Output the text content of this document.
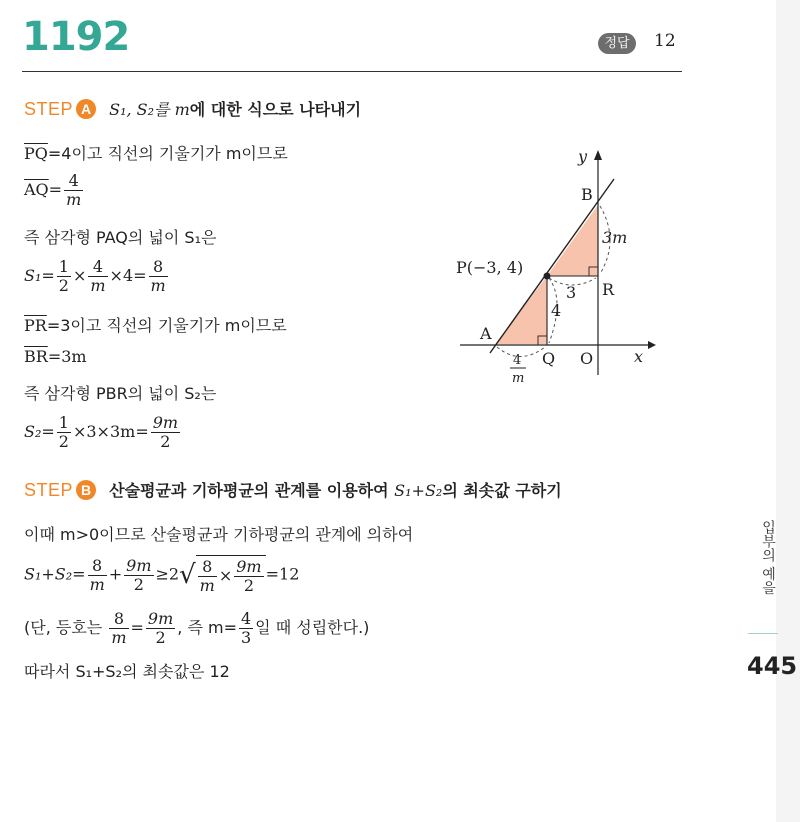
1192	정답	12
STEP A S₁, S₂를 m에 대한 식으로 나타내기
$\overline{PQ}=4$이고 직선의 기울기가 m이므로
$\overline{AQ}= \frac{4}{m}$
즉 삼각형 PAQ의 넓이 S₁은
$S_1= \frac{1}{2} \times \frac{4}{m} \times 4= \frac{8}{m}$
$\overline{PR}=3$이고 직선의 기울기가 m이므로
$\overline{BR}=3m$
즉 삼각형 PBR의 넓이 S₂는
$S_2= \frac{1}{2} \times 3\times 3m= \frac{9m}{2}$
y
x
B
R
P(−3, 4)
A
Q O
3m
3
4
4
m
STEP B 산술평균과 기하평균의 관계를 이용하여 S₁+S₂의 최솟값 구하기
이때 m>0이므로 산술평균과 기하평균의 관계에 의하여
$S_1+S_2= \frac{8}{m} + \frac{9m}{2} \ge 2√ \frac{8}{m} \times \frac{9m}{2} =12$
(단, 등호는 $\frac{8}{m} = \frac{9m}{2}$ , 즉 $m= \frac{4}{3}$ 일 때 성립한다.)
따라서 S₁+S₂의 최솟값은 12
입부의 예을
445
